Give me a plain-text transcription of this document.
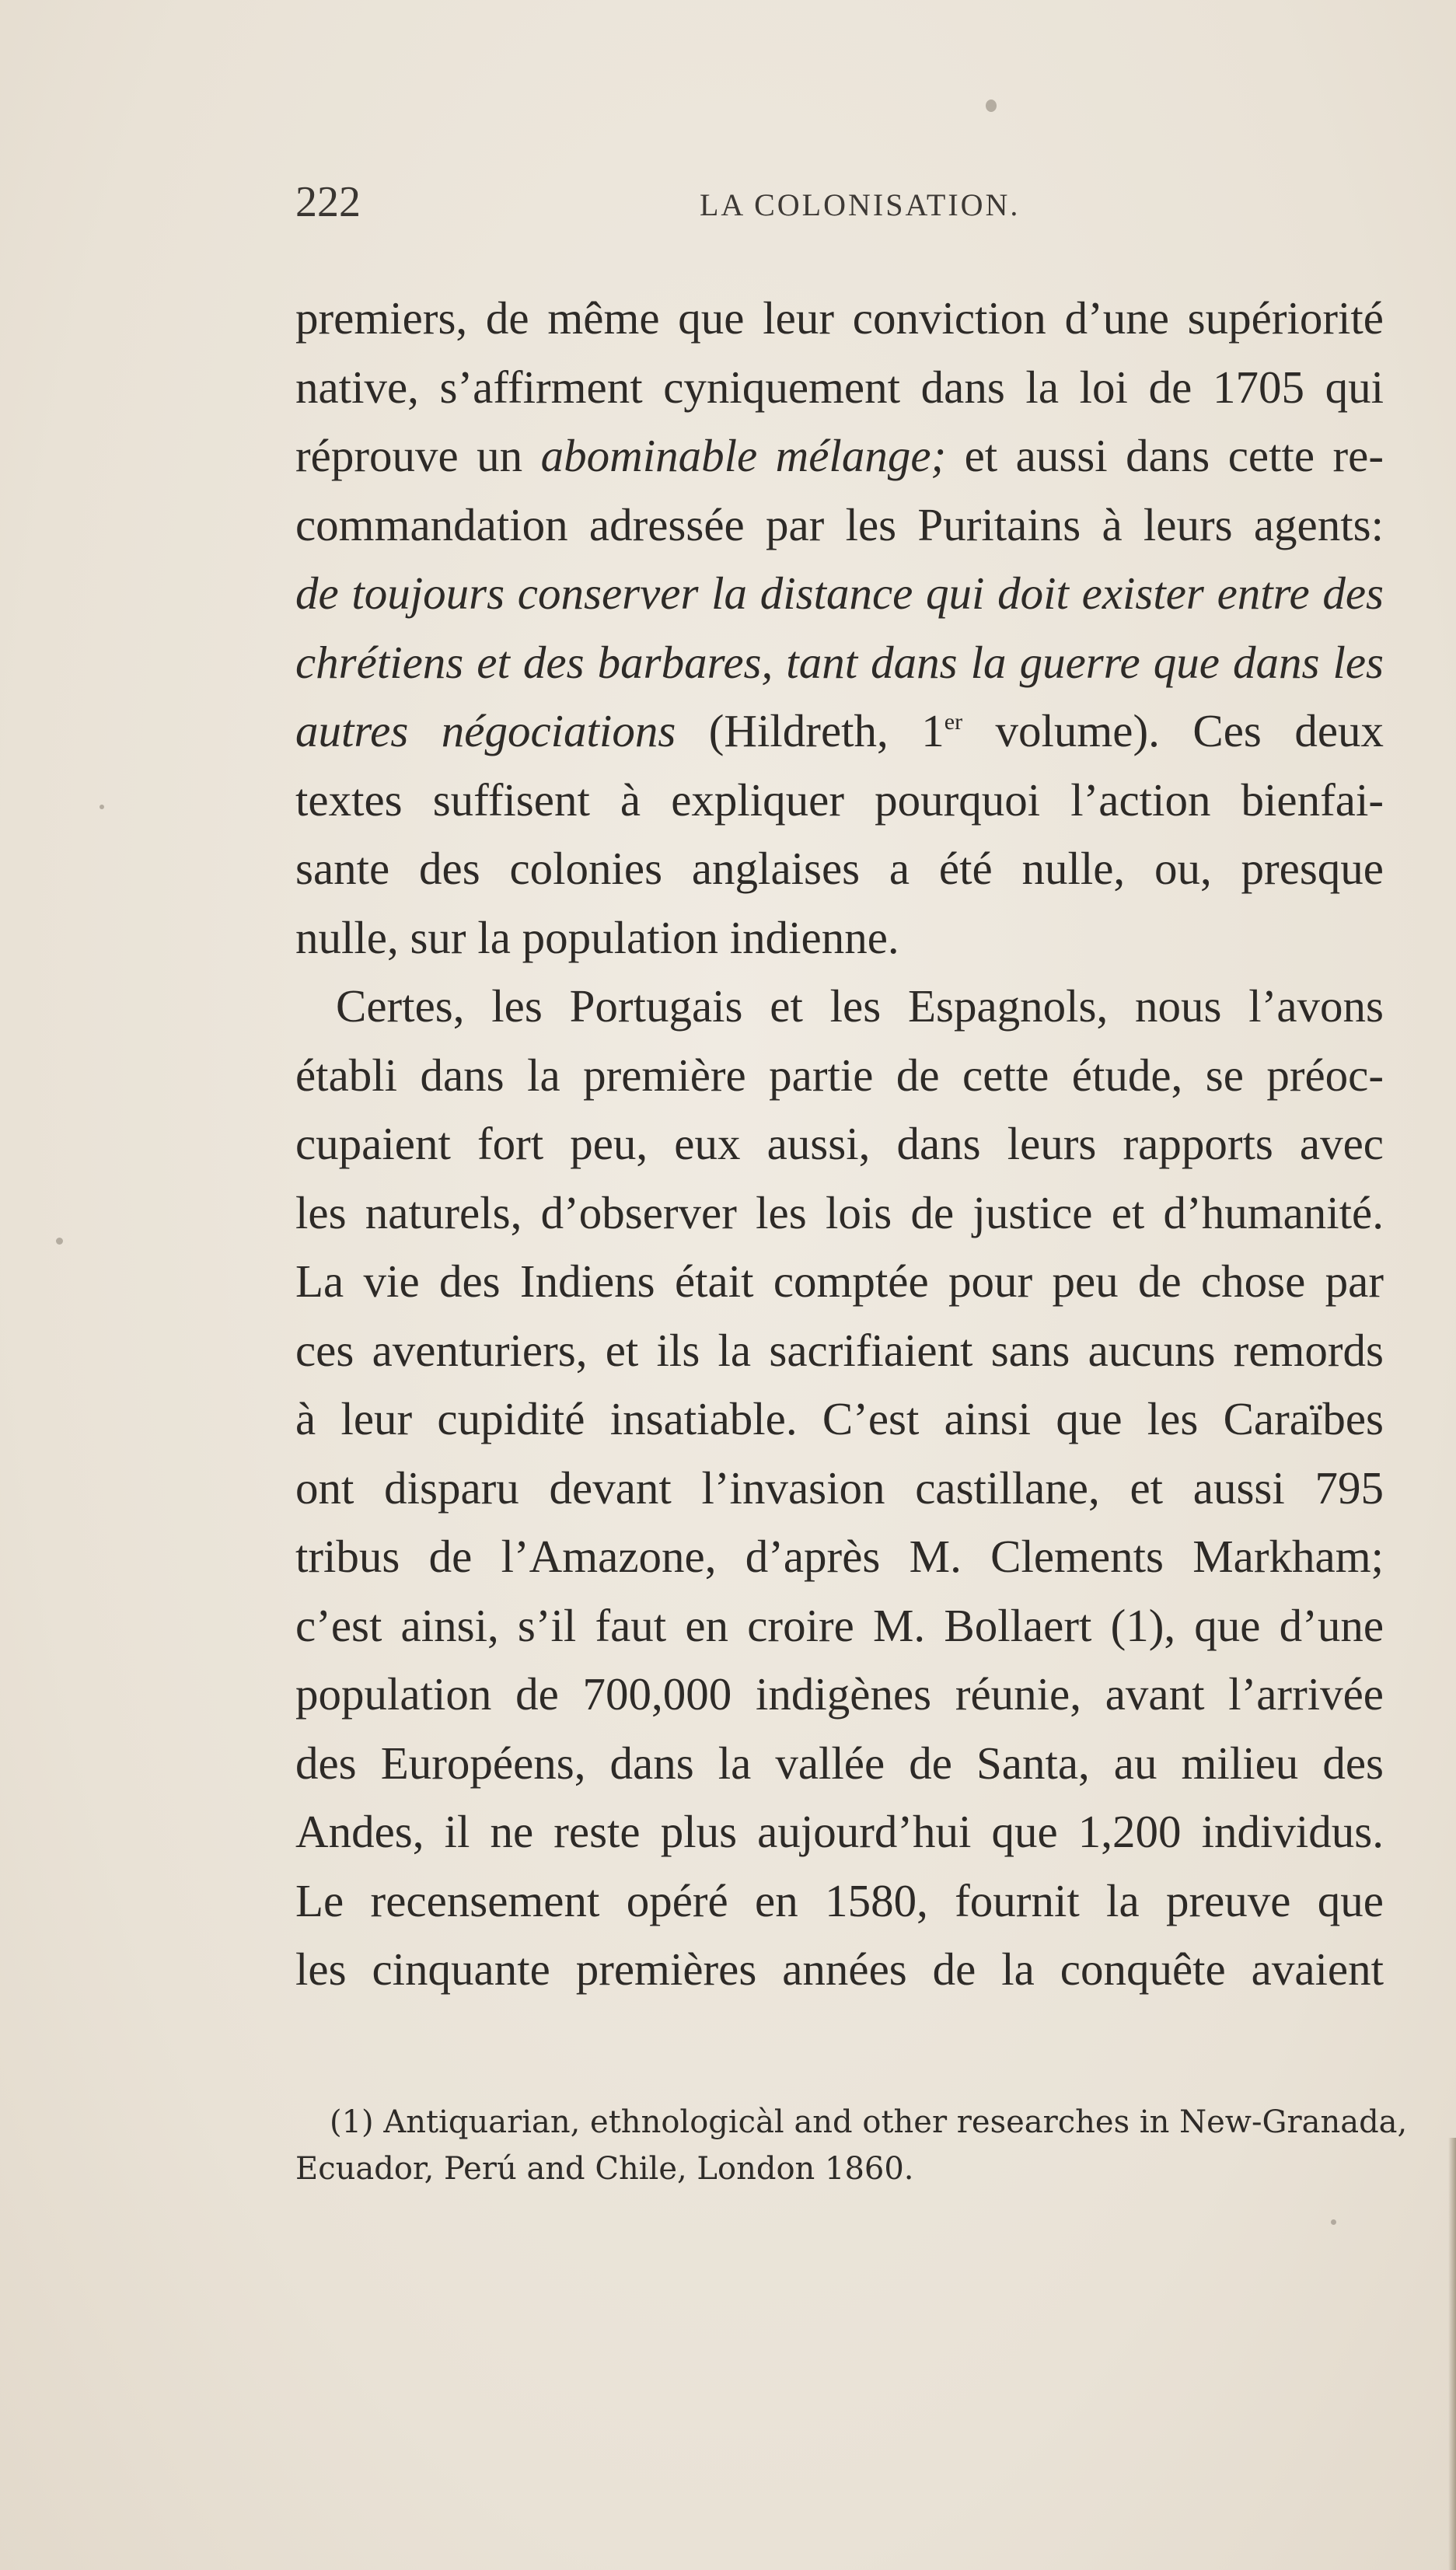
222	LA COLONISATION.
premiers, de même que leur conviction d’une supériorité
native, s’affirment cyniquement dans la loi de 1705 qui
réprouve un abominable mélange; et aussi dans cette re-
commandation adressée par les Puritains à leurs agents:
de toujours conserver la distance qui doit exister entre des
chrétiens et des barbares, tant dans la guerre que dans les
autres négociations (Hildreth, 1er volume). Ces deux
textes suffisent à expliquer pourquoi l’action bienfai-
sante des colonies anglaises a été nulle, ou, presque
nulle, sur la population indienne.
Certes, les Portugais et les Espagnols, nous l’avons
établi dans la première partie de cette étude, se préoc-
cupaient fort peu, eux aussi, dans leurs rapports avec
les naturels, d’observer les lois de justice et d’humanité.
La vie des Indiens était comptée pour peu de chose par
ces aventuriers, et ils la sacrifiaient sans aucuns remords
à leur cupidité insatiable. C’est ainsi que les Caraïbes
ont disparu devant l’invasion castillane, et aussi 795
tribus de l’Amazone, d’après M. Clements Markham;
c’est ainsi, s’il faut en croire M. Bollaert (1), que d’une
population de 700,000 indigènes réunie, avant l’arrivée
des Européens, dans la vallée de Santa, au milieu des
Andes, il ne reste plus aujourd’hui que 1,200 individus.
Le recensement opéré en 1580, fournit la preuve que
les cinquante premières années de la conquête avaient
(1) Antiquarian, ethnologicàl and other researches in New-Granada,
Ecuador, Perú and Chile, London 1860.
